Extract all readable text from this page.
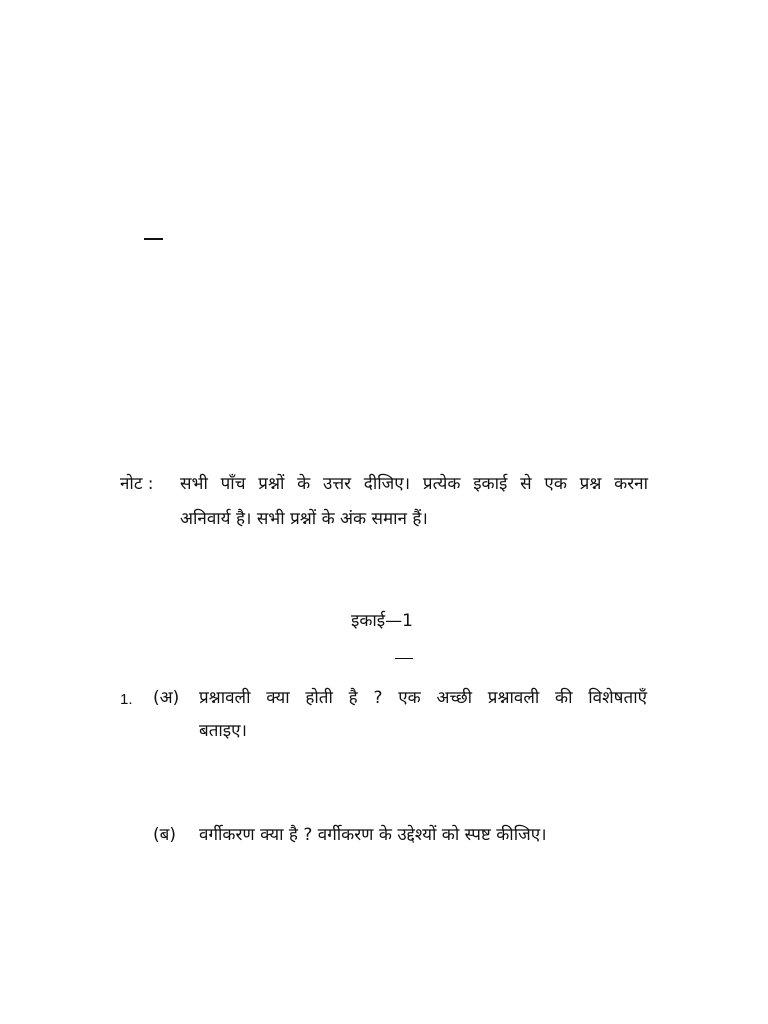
नोट : सभी पाँच प्रश्नों के उत्तर दीजिए। प्रत्येक इकाई से एक प्रश्न करना
अनिवार्य है। सभी प्रश्नों के अंक समान हैं।
इकाई—1
1. (अ) प्रश्नावली क्या होती है ? एक अच्छी प्रश्नावली की विशेषताएँ
बताइए।
(ब) वर्गीकरण क्या है ? वर्गीकरण के उद्देश्यों को स्पष्ट कीजिए।
